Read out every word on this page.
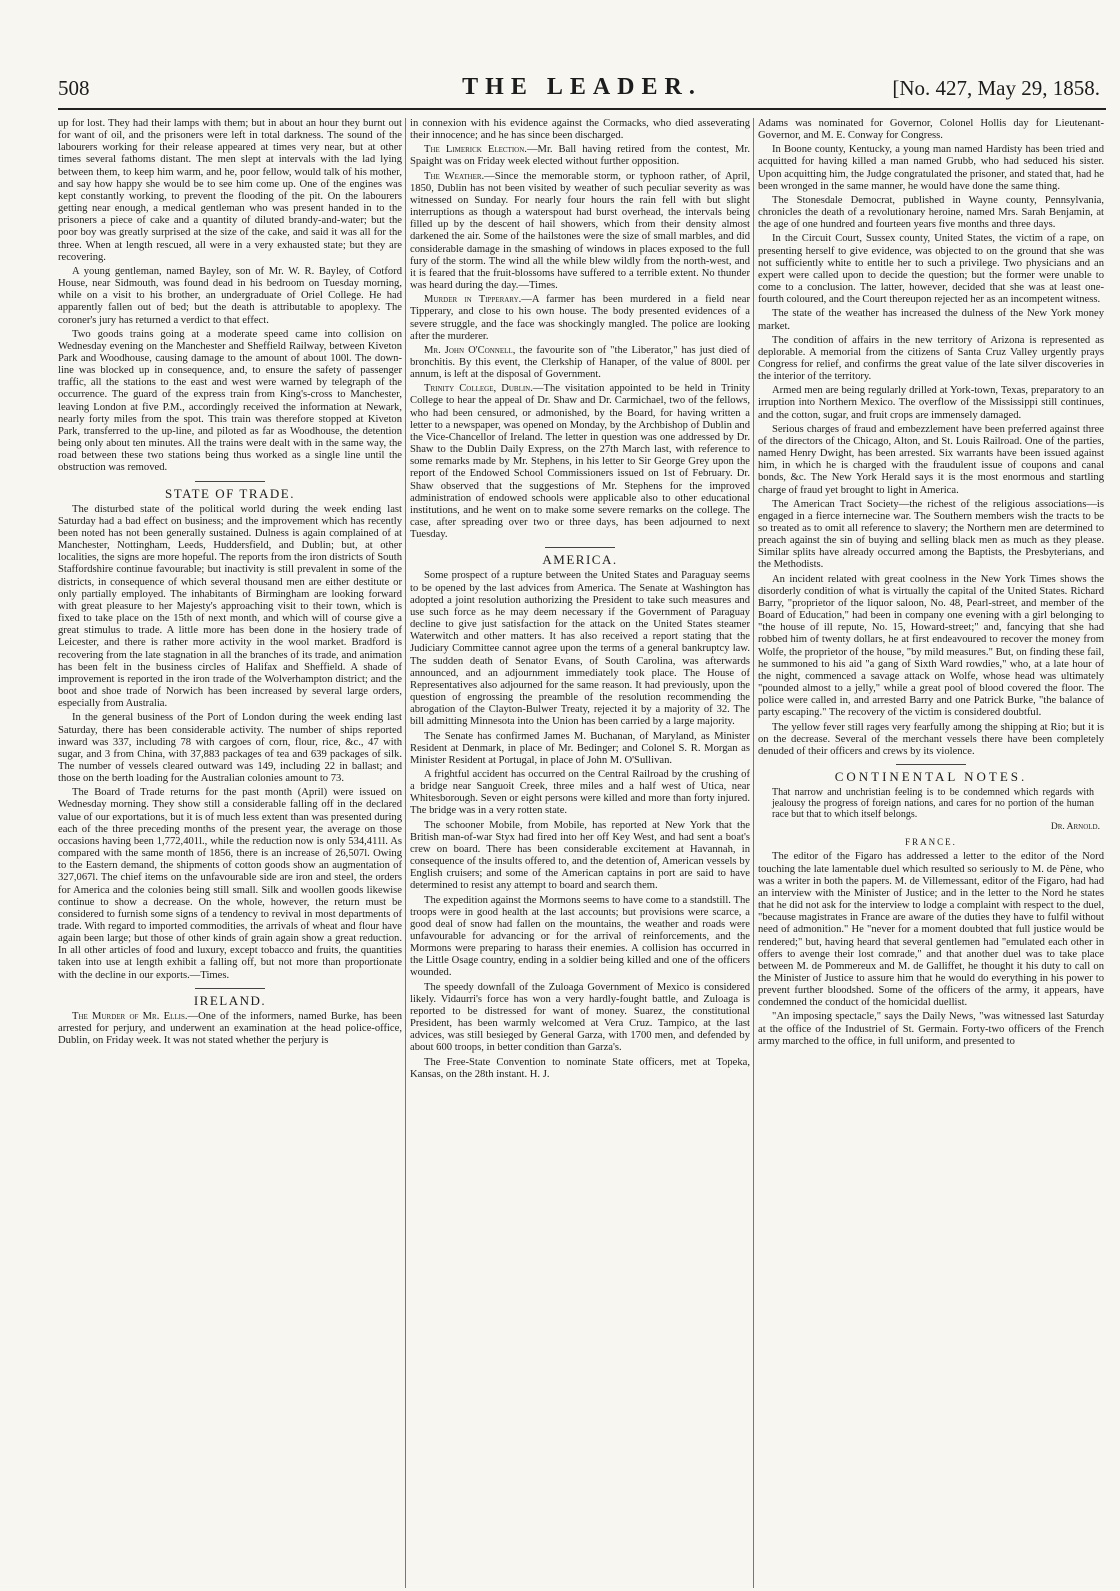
508	THE LEADER.	[No. 427, May 29, 1858.

up for lost. They had their lamps with them; but in about an hour they burnt out for want of oil, and the prisoners were left in total darkness. The sound of the labourers working for their release appeared at times very near, but at other times several fathoms distant. The men slept at intervals with the lad lying between them, to keep him warm, and he, poor fellow, would talk of his mother, and say how happy she would be to see him come up. One of the engines was kept constantly working, to prevent the flooding of the pit. On the labourers getting near enough, a medical gentleman who was present handed in to the prisoners a piece of cake and a quantity of diluted brandy-and-water; but the poor boy was greatly surprised at the size of the cake, and said it was all for the three. When at length rescued, all were in a very exhausted state; but they are recovering.

A young gentleman, named Bayley, son of Mr. W. R. Bayley, of Cotford House, near Sidmouth, was found dead in his bedroom on Tuesday morning, while on a visit to his brother, an undergraduate of Oriel College. He had apparently fallen out of bed; but the death is attributable to apoplexy. The coroner's jury has returned a verdict to that effect.

Two goods trains going at a moderate speed came into collision on Wednesday evening on the Manchester and Sheffield Railway, between Kiveton Park and Woodhouse, causing damage to the amount of about 100l. The down-line was blocked up in consequence, and, to ensure the safety of passenger traffic, all the stations to the east and west were warned by telegraph of the occurrence. The guard of the express train from King's-cross to Manchester, leaving London at five P.M., accordingly received the information at Newark, nearly forty miles from the spot. This train was therefore stopped at Kiveton Park, transferred to the up-line, and piloted as far as Woodhouse, the detention being only about ten minutes. All the trains were dealt with in the same way, the road between these two stations being thus worked as a single line until the obstruction was removed.

STATE OF TRADE.

The disturbed state of the political world during the week ending last Saturday had a bad effect on business; and the improvement which has recently been noted has not been generally sustained. Dulness is again complained of at Manchester, Nottingham, Leeds, Huddersfield, and Dublin; but, at other localities, the signs are more hopeful. The reports from the iron districts of South Staffordshire continue favourable; but inactivity is still prevalent in some of the districts, in consequence of which several thousand men are either destitute or only partially employed. The inhabitants of Birmingham are looking forward with great pleasure to her Majesty's approaching visit to their town, which is fixed to take place on the 15th of next month, and which will of course give a great stimulus to trade. A little more has been done in the hosiery trade of Leicester, and there is rather more activity in the wool market. Bradford is recovering from the late stagnation in all the branches of its trade, and animation has been felt in the business circles of Halifax and Sheffield. A shade of improvement is reported in the iron trade of the Wolverhampton district; and the boot and shoe trade of Norwich has been increased by several large orders, especially from Australia.

In the general business of the Port of London during the week ending last Saturday, there has been considerable activity. The number of ships reported inward was 337, including 78 with cargoes of corn, flour, rice, &c., 47 with sugar, and 3 from China, with 37,883 packages of tea and 639 packages of silk. The number of vessels cleared outward was 149, including 22 in ballast; and those on the berth loading for the Australian colonies amount to 73.

The Board of Trade returns for the past month (April) were issued on Wednesday morning. They show still a considerable falling off in the declared value of our exportations, but it is of much less extent than was presented during each of the three preceding months of the present year, the average on those occasions having been 1,772,401l., while the reduction now is only 534,411l. As compared with the same month of 1856, there is an increase of 26,507l. Owing to the Eastern demand, the shipments of cotton goods show an augmentation of 327,067l. The chief items on the unfavourable side are iron and steel, the orders for America and the colonies being still small. Silk and woollen goods likewise continue to show a decrease. On the whole, however, the return must be considered to furnish some signs of a tendency to revival in most departments of trade. With regard to imported commodities, the arrivals of wheat and flour have again been large; but those of other kinds of grain again show a great reduction. In all other articles of food and luxury, except tobacco and fruits, the quantities taken into use at length exhibit a falling off, but not more than proportionate with the decline in our exports.—Times.

IRELAND.

The Murder of Mr. Ellis.—One of the informers, named Burke, has been arrested for perjury, and underwent an examination at the head police-office, Dublin, on Friday week. It was not stated whether the perjury is

in connexion with his evidence against the Cormacks, who died asseverating their innocence; and he has since been discharged.

The Limerick Election.—Mr. Ball having retired from the contest, Mr. Spaight was on Friday week elected without further opposition.

The Weather.—Since the memorable storm, or typhoon rather, of April, 1850, Dublin has not been visited by weather of such peculiar severity as was witnessed on Sunday. For nearly four hours the rain fell with but slight interruptions as though a waterspout had burst overhead, the intervals being filled up by the descent of hail showers, which from their density almost darkened the air. Some of the hailstones were the size of small marbles, and did considerable damage in the smashing of windows in places exposed to the full fury of the storm. The wind all the while blew wildly from the north-west, and it is feared that the fruit-blossoms have suffered to a terrible extent. No thunder was heard during the day.—Times.

Murder in Tipperary.—A farmer has been murdered in a field near Tipperary, and close to his own house. The body presented evidences of a severe struggle, and the face was shockingly mangled. The police are looking after the murderer.

Mr. John O'Connell, the favourite son of "the Liberator," has just died of bronchitis. By this event, the Clerkship of Hanaper, of the value of 800l. per annum, is left at the disposal of Government.

Trinity College, Dublin.—The visitation appointed to be held in Trinity College to hear the appeal of Dr. Shaw and Dr. Carmichael, two of the fellows, who had been censured, or admonished, by the Board, for having written a letter to a newspaper, was opened on Monday, by the Archbishop of Dublin and the Vice-Chancellor of Ireland. The letter in question was one addressed by Dr. Shaw to the Dublin Daily Express, on the 27th March last, with reference to some remarks made by Mr. Stephens, in his letter to Sir George Grey upon the report of the Endowed School Commissioners issued on 1st of February. Dr. Shaw observed that the suggestions of Mr. Stephens for the improved administration of endowed schools were applicable also to other educational institutions, and he went on to make some severe remarks on the college. The case, after spreading over two or three days, has been adjourned to next Tuesday.

AMERICA.

Some prospect of a rupture between the United States and Paraguay seems to be opened by the last advices from America. The Senate at Washington has adopted a joint resolution authorizing the President to take such measures and use such force as he may deem necessary if the Government of Paraguay decline to give just satisfaction for the attack on the United States steamer Waterwitch and other matters. It has also received a report stating that the Judiciary Committee cannot agree upon the terms of a general bankruptcy law. The sudden death of Senator Evans, of South Carolina, was afterwards announced, and an adjournment immediately took place. The House of Representatives also adjourned for the same reason. It had previously, upon the question of engrossing the preamble of the resolution recommending the abrogation of the Clayton-Bulwer Treaty, rejected it by a majority of 32. The bill admitting Minnesota into the Union has been carried by a large majority.

The Senate has confirmed James M. Buchanan, of Maryland, as Minister Resident at Denmark, in place of Mr. Bedinger; and Colonel S. R. Morgan as Minister Resident at Portugal, in place of John M. O'Sullivan.

A frightful accident has occurred on the Central Railroad by the crushing of a bridge near Sanguoit Creek, three miles and a half west of Utica, near Whitesborough. Seven or eight persons were killed and more than forty injured. The bridge was in a very rotten state.

The schooner Mobile, from Mobile, has reported at New York that the British man-of-war Styx had fired into her off Key West, and had sent a boat's crew on board. There has been considerable excitement at Havannah, in consequence of the insults offered to, and the detention of, American vessels by English cruisers; and some of the American captains in port are said to have determined to resist any attempt to board and search them.

The expedition against the Mormons seems to have come to a standstill. The troops were in good health at the last accounts; but provisions were scarce, a good deal of snow had fallen on the mountains, the weather and roads were unfavourable for advancing or for the arrival of reinforcements, and the Mormons were preparing to harass their enemies. A collision has occurred in the Little Osage country, ending in a soldier being killed and one of the officers wounded.

The speedy downfall of the Zuloaga Government of Mexico is considered likely. Vidaurri's force has won a very hardly-fought battle, and Zuloaga is reported to be distressed for want of money. Suarez, the constitutional President, has been warmly welcomed at Vera Cruz. Tampico, at the last advices, was still besieged by General Garza, with 1700 men, and defended by about 600 troops, in better condition than Garza's.

The Free-State Convention to nominate State officers, met at Topeka, Kansas, on the 28th instant. H. J.

Adams was nominated for Governor, Colonel Hollis day for Lieutenant-Governor, and M. E. Conway for Congress.

In Boone county, Kentucky, a young man named Hardisty has been tried and acquitted for having killed a man named Grubb, who had seduced his sister. Upon acquitting him, the Judge congratulated the prisoner, and stated that, had he been wronged in the same manner, he would have done the same thing.

The Stonesdale Democrat, published in Wayne county, Pennsylvania, chronicles the death of a revolutionary heroine, named Mrs. Sarah Benjamin, at the age of one hundred and fourteen years five months and three days.

In the Circuit Court, Sussex county, United States, the victim of a rape, on presenting herself to give evidence, was objected to on the ground that she was not sufficiently white to entitle her to such a privilege. Two physicians and an expert were called upon to decide the question; but the former were unable to come to a conclusion. The latter, however, decided that she was at least one-fourth coloured, and the Court thereupon rejected her as an incompetent witness.

The state of the weather has increased the dulness of the New York money market.

The condition of affairs in the new territory of Arizona is represented as deplorable. A memorial from the citizens of Santa Cruz Valley urgently prays Congress for relief, and confirms the great value of the late silver discoveries in the interior of the territory.

Armed men are being regularly drilled at York-town, Texas, preparatory to an irruption into Northern Mexico. The overflow of the Mississippi still continues, and the cotton, sugar, and fruit crops are immensely damaged.

Serious charges of fraud and embezzlement have been preferred against three of the directors of the Chicago, Alton, and St. Louis Railroad. One of the parties, named Henry Dwight, has been arrested. Six warrants have been issued against him, in which he is charged with the fraudulent issue of coupons and canal bonds, &c. The New York Herald says it is the most enormous and startling charge of fraud yet brought to light in America.

The American Tract Society—the richest of the religious associations—is engaged in a fierce internecine war. The Southern members wish the tracts to be so treated as to omit all reference to slavery; the Northern men are determined to preach against the sin of buying and selling black men as much as they please. Similar splits have already occurred among the Baptists, the Presbyterians, and the Methodists.

An incident related with great coolness in the New York Times shows the disorderly condition of what is virtually the capital of the United States. Richard Barry, "proprietor of the liquor saloon, No. 48, Pearl-street, and member of the Board of Education," had been in company one evening with a girl belonging to "the house of ill repute, No. 15, Howard-street;" and, fancying that she had robbed him of twenty dollars, he at first endeavoured to recover the money from Wolfe, the proprietor of the house, "by mild measures." But, on finding these fail, he summoned to his aid "a gang of Sixth Ward rowdies," who, at a late hour of the night, commenced a savage attack on Wolfe, whose head was ultimately "pounded almost to a jelly," while a great pool of blood covered the floor. The police were called in, and arrested Barry and one Patrick Burke, "the balance of party escaping." The recovery of the victim is considered doubtful.

The yellow fever still rages very fearfully among the shipping at Rio; but it is on the decrease. Several of the merchant vessels there have been completely denuded of their officers and crews by its violence.

CONTINENTAL NOTES.

That narrow and unchristian feeling is to be condemned which regards with jealousy the progress of foreign nations, and cares for no portion of the human race but that to which itself belongs.

Dr. Arnold.
FRANCE.

The editor of the Figaro has addressed a letter to the editor of the Nord touching the late lamentable duel which resulted so seriously to M. de Pène, who was a writer in both the papers. M. de Villemessant, editor of the Figaro, had had an interview with the Minister of Justice; and in the letter to the Nord he states that he did not ask for the interview to lodge a complaint with respect to the duel, "because magistrates in France are aware of the duties they have to fulfil without need of admonition." He "never for a moment doubted that full justice would be rendered;" but, having heard that several gentlemen had "emulated each other in offers to avenge their lost comrade," and that another duel was to take place between M. de Pommereux and M. de Galliffet, he thought it his duty to call on the Minister of Justice to assure him that he would do everything in his power to prevent further bloodshed. Some of the officers of the army, it appears, have condemned the conduct of the homicidal duellist.

"An imposing spectacle," says the Daily News, "was witnessed last Saturday at the office of the Industriel of St. Germain. Forty-two officers of the French army marched to the office, in full uniform, and presented to
